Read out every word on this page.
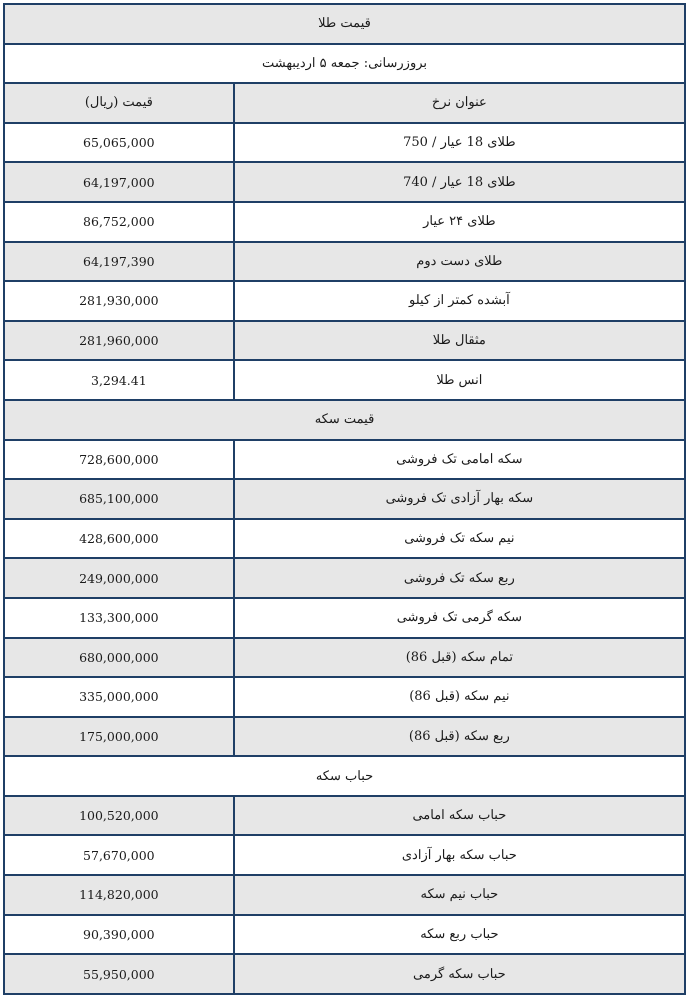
قیمت طلا	
بروزرسانی: جمعه ۵ اردیبهشت	
عنوان نرخ	قیمت (ریال)
طلای 18 عیار / 750	65,065,000
طلای 18 عیار / 740	64,197,000
طلای ۲۴ عیار	86,752,000
طلای دست دوم	64,197,390
آبشده کمتر از کیلو	281,930,000
مثقال طلا	281,960,000
انس طلا	3,294.41
قیمت سکه	
سکه امامی تک فروشی	728,600,000
سکه بهار آزادی تک فروشی	685,100,000
نیم سکه تک فروشی	428,600,000
ربع سکه تک فروشی	249,000,000
سکه گرمی تک فروشی	133,300,000
تمام سکه (قبل 86)	680,000,000
نیم سکه (قبل 86)	335,000,000
ربع سکه (قبل 86)	175,000,000
حباب سکه	
حباب سکه امامی	100,520,000
حباب سکه بهار آزادی	57,670,000
حباب نیم سکه	114,820,000
حباب ربع سکه	90,390,000
حباب سکه گرمی	55,950,000
